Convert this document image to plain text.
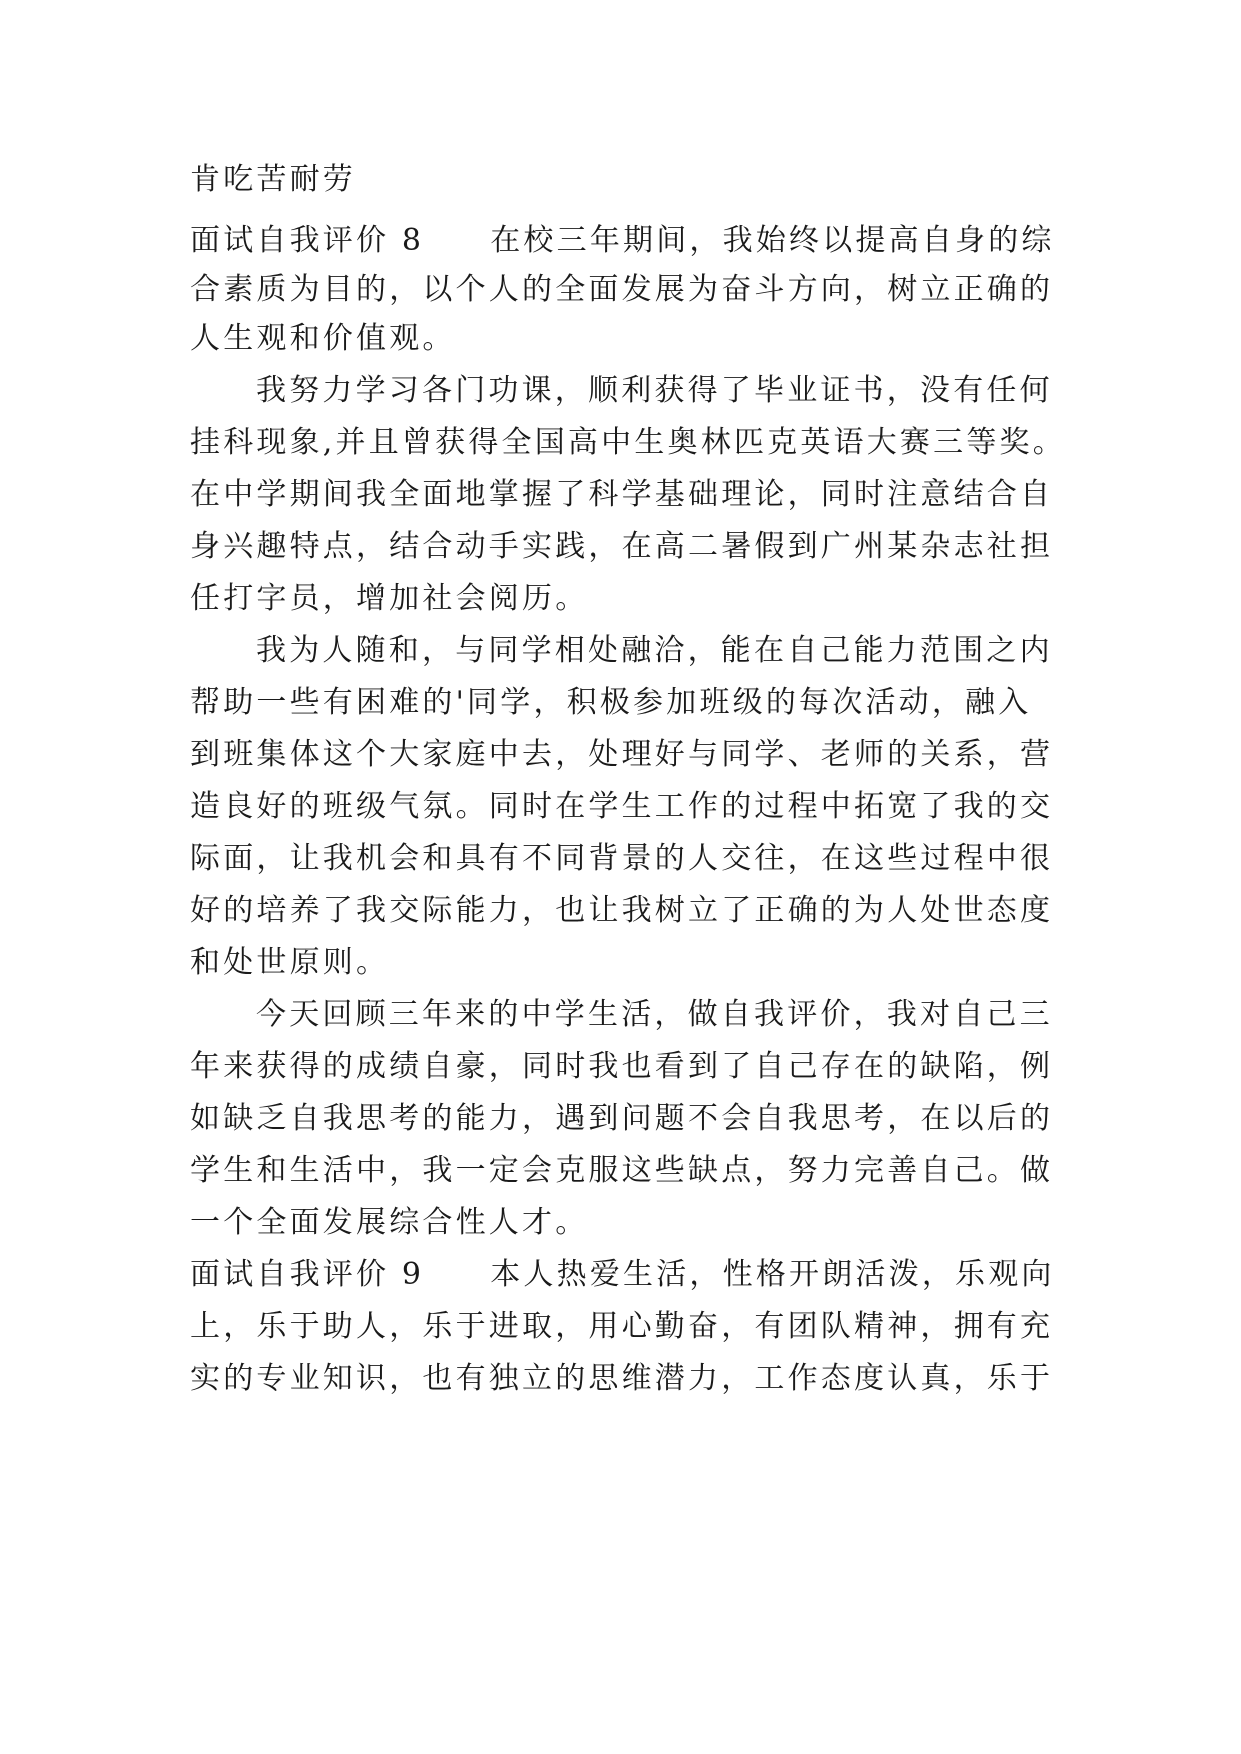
肯吃苦耐劳
面试自我评价 8 在校三年期间，我始终以提高自身的综
合素质为目的，以个人的全面发展为奋斗方向，树立正确的
人生观和价值观。
我努力学习各门功课，顺利获得了毕业证书，没有任何
挂科现象,并且曾获得全国高中生奥林匹克英语大赛三等奖。
在中学期间我全面地掌握了科学基础理论，同时注意结合自
身兴趣特点，结合动手实践，在高二暑假到广州某杂志社担
任打字员，增加社会阅历。
我为人随和，与同学相处融洽，能在自己能力范围之内
帮助一些有困难的'同学，积极参加班级的每次活动，融入
到班集体这个大家庭中去，处理好与同学、老师的关系，营
造良好的班级气氛。同时在学生工作的过程中拓宽了我的交
际面，让我机会和具有不同背景的人交往，在这些过程中很
好的培养了我交际能力，也让我树立了正确的为人处世态度
和处世原则。
今天回顾三年来的中学生活，做自我评价，我对自己三
年来获得的成绩自豪，同时我也看到了自己存在的缺陷，例
如缺乏自我思考的能力，遇到问题不会自我思考，在以后的
学生和生活中，我一定会克服这些缺点，努力完善自己。做
一个全面发展综合性人才。
面试自我评价 9 本人热爱生活，性格开朗活泼，乐观向
上，乐于助人，乐于进取，用心勤奋，有团队精神，拥有充
实的专业知识，也有独立的思维潜力，工作态度认真，乐于
